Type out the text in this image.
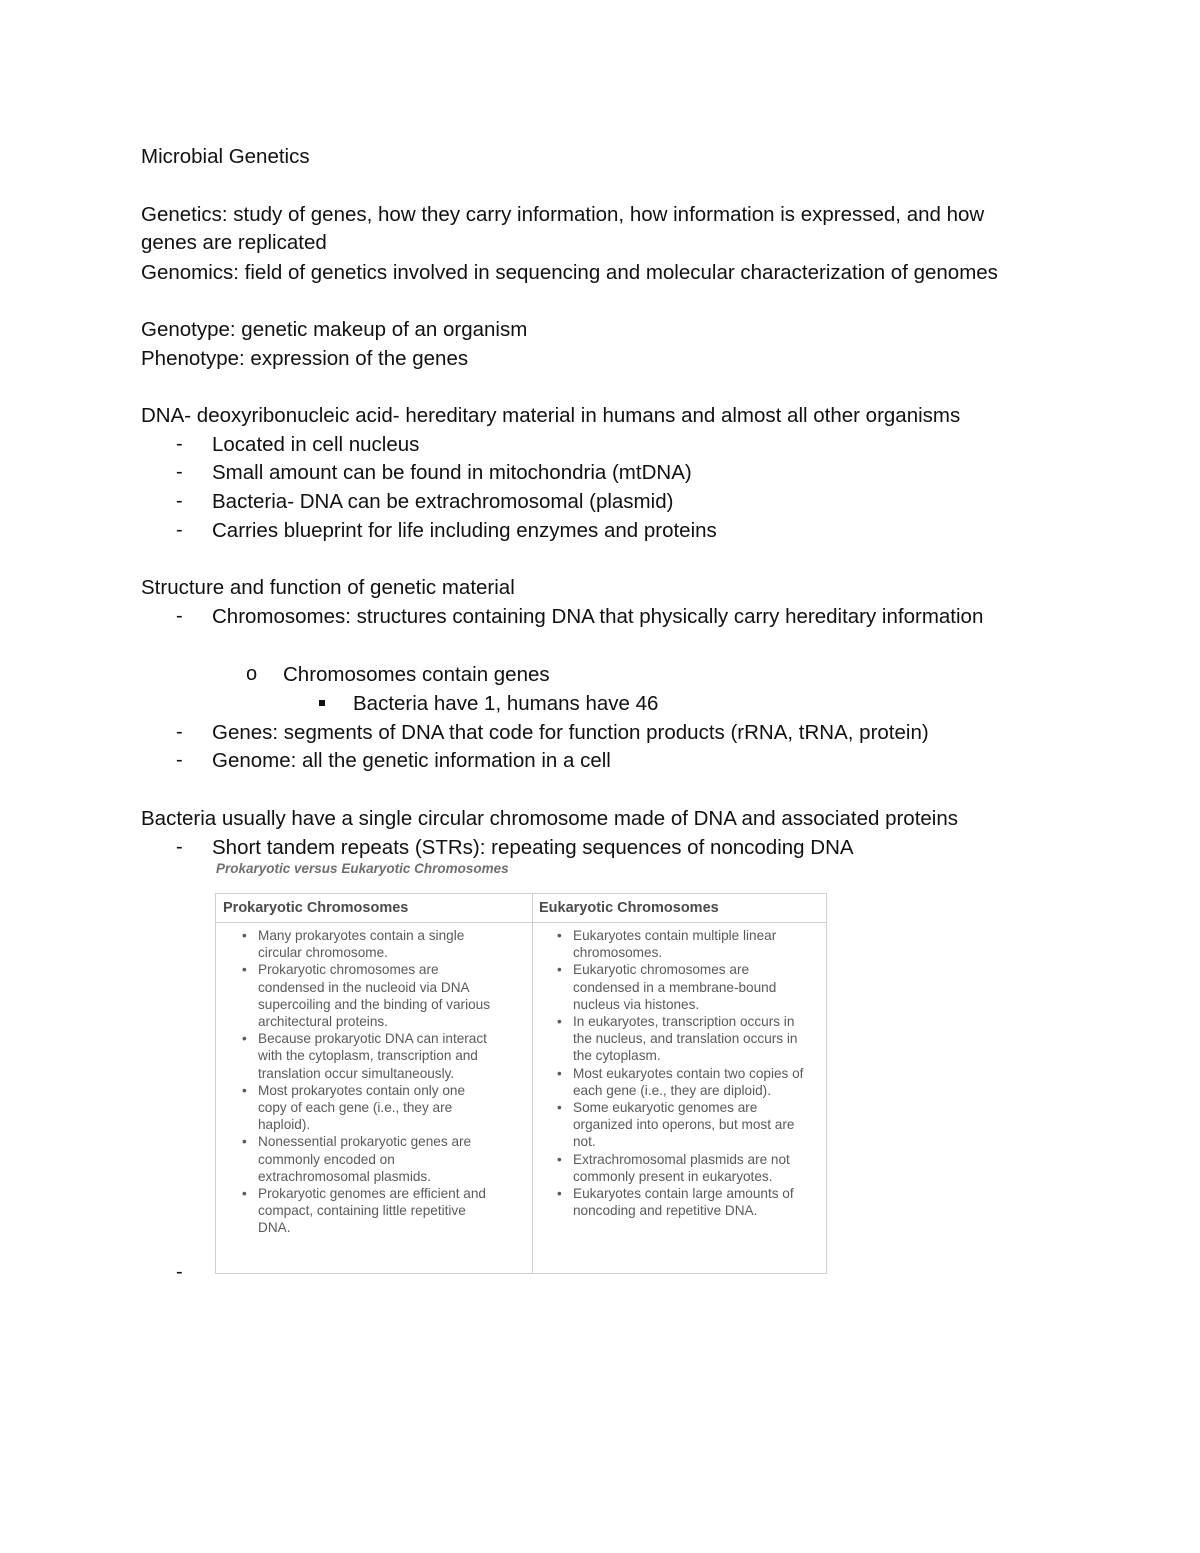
Microbial Genetics
Genetics: study of genes, how they carry information, how information is expressed, and how
genes are replicated
Genomics: field of genetics involved in sequencing and molecular characterization of genomes
Genotype: genetic makeup of an organism
Phenotype: expression of the genes
DNA- deoxyribonucleic acid- hereditary material in humans and almost all other organisms
- Located in cell nucleus
- Small amount can be found in mitochondria (mtDNA)
- Bacteria- DNA can be extrachromosomal (plasmid)
- Carries blueprint for life including enzymes and proteins
Structure and function of genetic material
- Chromosomes: structures containing DNA that physically carry hereditary information
o Chromosomes contain genes
Bacteria have 1, humans have 46
- Genes: segments of DNA that code for function products (rRNA, tRNA, protein)
- Genome: all the genetic information in a cell
Bacteria usually have a single circular chromosome made of DNA and associated proteins
- Short tandem repeats (STRs): repeating sequences of noncoding DNA
Prokaryotic versus Eukaryotic Chromosomes
Prokaryotic Chromosomes	Eukaryotic Chromosomes
• Many prokaryotes contain a single circular chromosome.
• Prokaryotic chromosomes are condensed in the nucleoid via DNA supercoiling and the binding of various architectural proteins.
• Because prokaryotic DNA can interact with the cytoplasm, transcription and translation occur simultaneously.
• Most prokaryotes contain only one copy of each gene (i.e., they are haploid).
• Nonessential prokaryotic genes are commonly encoded on extrachromosomal plasmids.
• Prokaryotic genomes are efficient and compact, containing little repetitive DNA.
• Eukaryotes contain multiple linear chromosomes.
• Eukaryotic chromosomes are condensed in a membrane-bound nucleus via histones.
• In eukaryotes, transcription occurs in the nucleus, and translation occurs in the cytoplasm.
• Most eukaryotes contain two copies of each gene (i.e., they are diploid).
• Some eukaryotic genomes are organized into operons, but most are not.
• Extrachromosomal plasmids are not commonly present in eukaryotes.
• Eukaryotes contain large amounts of noncoding and repetitive DNA.
-
